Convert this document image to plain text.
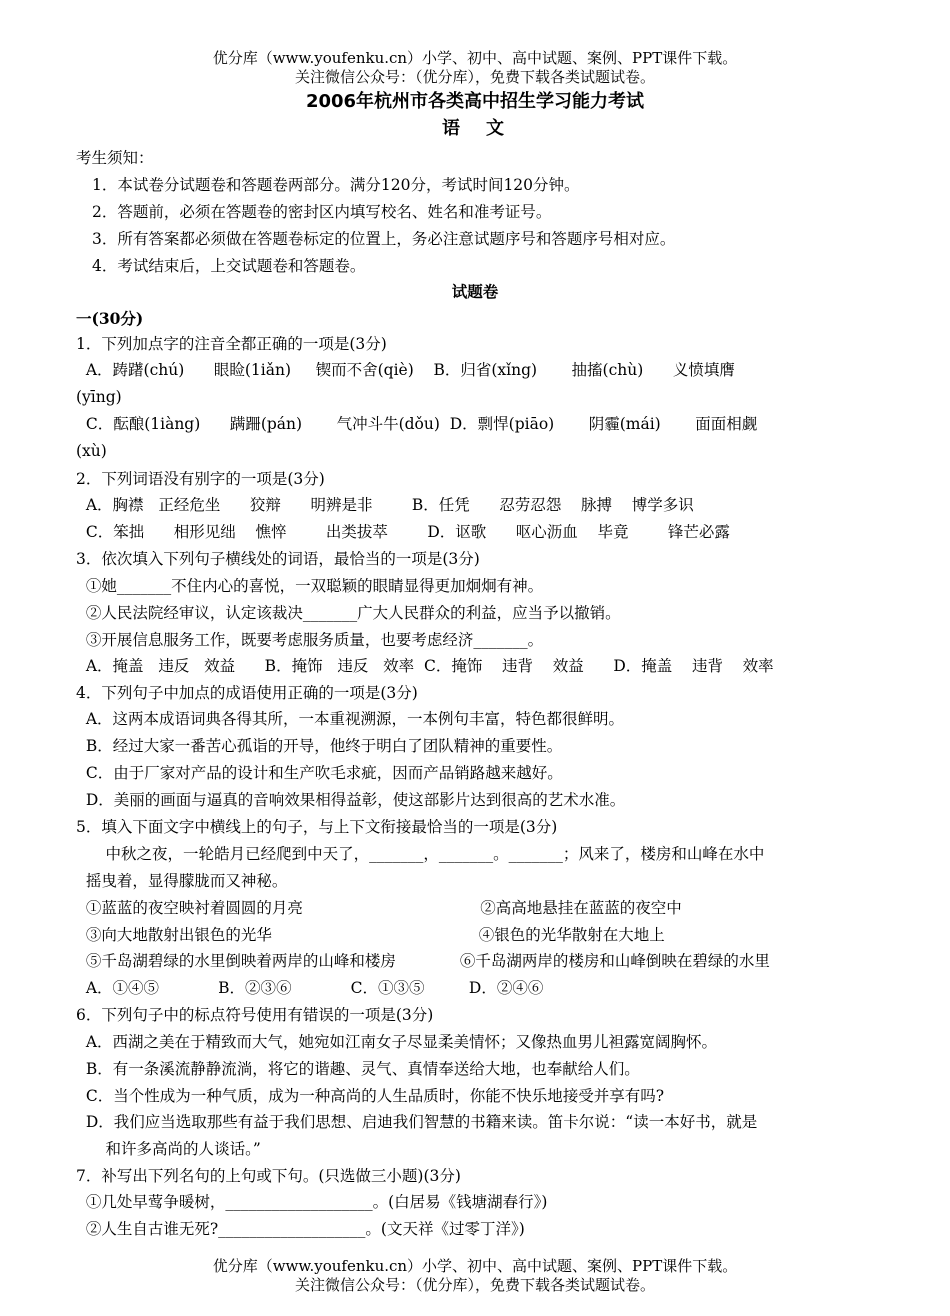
优分库（www.youfenku.cn）小学、初中、高中试题、案例、PPT课件下载。
关注微信公众号：（优分库），免费下载各类试题试卷。
2006年杭州市各类高中招生学习能力考试
语　文
考生须知：
1．本试卷分试题卷和答题卷两部分。满分120分，考试时间120分钟。
2．答题前，必须在答题卷的密封区内填写校名、姓名和准考证号。
3．所有答案都必须做在答题卷标定的位置上，务必注意试题序号和答题序号相对应。
4．考试结束后，上交试题卷和答题卷。
试题卷
一(30分)
1．下列加点字的注音全都正确的一项是(3分)
A．踌躇(chú)      眼睑(1iǎn)     锲而不舍(qiè)    B．归省(xǐng)       抽搐(chù)      义愤填膺
(yīng)
C．酝酿(1iàng)      蹒跚(pán)       气冲斗牛(dǒu)  D．剽悍(piāo)       阴霾(mái)       面面相觑
(xù)
2．下列词语没有别字的一项是(3分)
A．胸襟   正经危坐      狡辩      明辨是非        B．任凭      忍劳忍怨    脉搏    博学多识
C．笨拙      相形见绌    憔悴        出类拔萃        D．讴歌      呕心沥血    毕竟        锋芒必露
3．依次填入下列句子横线处的词语，最恰当的一项是(3分)
①她_______不住内心的喜悦，一双聪颖的眼睛显得更加炯炯有神。
②人民法院经审议，认定该裁决_______广大人民群众的利益，应当予以撤销。
③开展信息服务工作，既要考虑服务质量，也要考虑经济_______。
A．掩盖   违反   效益      B．掩饰   违反   效率  C．掩饰    违背    效益      D．掩盖    违背    效率
4．下列句子中加点的成语使用正确的一项是(3分)
A．这两本成语词典各得其所，一本重视溯源，一本例句丰富，特色都很鲜明。
B．经过大家一番苦心孤诣的开导，他终于明白了团队精神的重要性。
C．由于厂家对产品的设计和生产吹毛求疵，因而产品销路越来越好。
D．美丽的画面与逼真的音响效果相得益彰，使这部影片达到很高的艺术水准。
5．填入下面文字中横线上的句子，与上下文衔接最恰当的一项是(3分)
中秋之夜，一轮皓月已经爬到中天了，_______，_______。_______；风来了，楼房和山峰在水中
摇曳着，显得朦胧而又神秘。
①蓝蓝的夜空映衬着圆圆的月亮                                    ②高高地悬挂在蓝蓝的夜空中
③向大地散射出银色的光华                                          ④银色的光华散射在大地上
⑤千岛湖碧绿的水里倒映着两岸的山峰和楼房             ⑥千岛湖两岸的楼房和山峰倒映在碧绿的水里
A．①④⑤            B．②③⑥            C．①③⑤         D．②④⑥
6．下列句子中的标点符号使用有错误的一项是(3分)
A．西湖之美在于精致而大气，她宛如江南女子尽显柔美情怀；又像热血男儿袒露宽阔胸怀。
B．有一条溪流静静流淌，将它的谐趣、灵气、真情奉送给大地，也奉献给人们。
C．当个性成为一种气质，成为一种高尚的人生品质时，你能不快乐地接受并享有吗?
D．我们应当选取那些有益于我们思想、启迪我们智慧的书籍来读。笛卡尔说：“读一本好书，就是
和许多高尚的人谈话。”
7．补写出下列名句的上句或下句。(只选做三小题)(3分)
①几处早莺争暖树，___________________。(白居易《钱塘湖春行》)
②人生自古谁无死?___________________。(文天祥《过零丁洋》)
优分库（www.youfenku.cn）小学、初中、高中试题、案例、PPT课件下载。
关注微信公众号：（优分库），免费下载各类试题试卷。
